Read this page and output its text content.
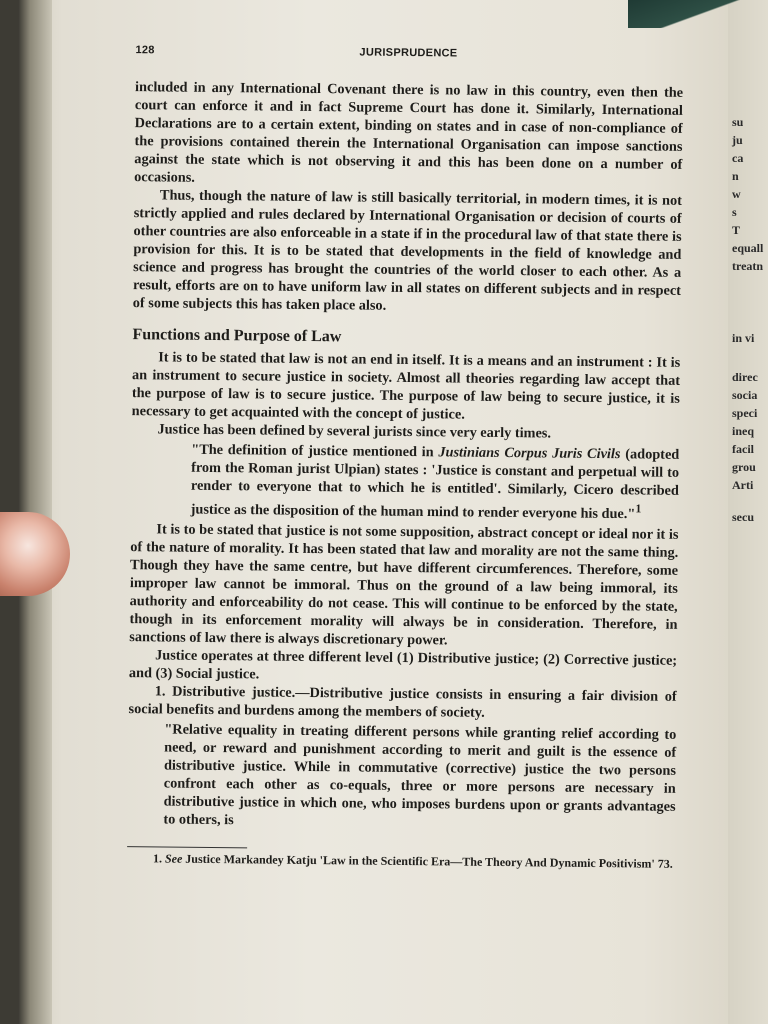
128	JURISPRUDENCE

included in any International Covenant there is no law in this country, even then the court can enforce it and in fact Supreme Court has done it. Similarly, International Declarations are to a certain extent, binding on states and in case of non-compliance of the provisions contained therein the International Organisation can impose sanctions against the state which is not observing it and this has been done on a number of occasions.

Thus, though the nature of law is still basically territorial, in modern times, it is not strictly applied and rules declared by International Organisation or decision of courts of other countries are also enforceable in a state if in the procedural law of that state there is provision for this. It is to be stated that developments in the field of knowledge and science and progress has brought the countries of the world closer to each other. As a result, efforts are on to have uniform law in all states on different subjects and in respect of some subjects this has taken place also.

Functions and Purpose of Law

It is to be stated that law is not an end in itself. It is a means and an instrument : It is an instrument to secure justice in society. Almost all theories regarding law accept that the purpose of law is to secure justice. The purpose of law being to secure justice, it is necessary to get acquainted with the concept of justice.

Justice has been defined by several jurists since very early times.

"The definition of justice mentioned in Justinians Corpus Juris Civils (adopted from the Roman jurist Ulpian) states : 'Justice is constant and perpetual will to render to everyone that to which he is entitled'. Similarly, Cicero described justice as the disposition of the human mind to render everyone his due."$^1$

It is to be stated that justice is not some supposition, abstract concept or ideal nor it is of the nature of morality. It has been stated that law and morality are not the same thing. Though they have the same centre, but have different circumferences. Therefore, some improper law cannot be immoral. Thus on the ground of a law being immoral, its authority and enforceability do not cease. This will continue to be enforced by the state, though in its enforcement morality will always be in consideration. Therefore, in sanctions of law there is always discretionary power.

Justice operates at three different level (1) Distributive justice; (2) Corrective justice; and (3) Social justice.

1. Distributive justice.—Distributive justice consists in ensuring a fair division of social benefits and burdens among the members of society.

"Relative equality in treating different persons while granting relief according to need, or reward and punishment according to merit and guilt is the essence of distributive justice. While in commutative (corrective) justice the two persons confront each other as co-equals, three or more persons are necessary in distributive justice in which one, who imposes burdens upon or grants advantages to others, is

1. See Justice Markandey Katju 'Law in the Scientific Era—The Theory And Dynamic Positivism' 73.

su
ju
ca
n
w
s
T
equall
treatn
in vi
direc
socia
speci
ineq
facil
grou
Arti
secu
